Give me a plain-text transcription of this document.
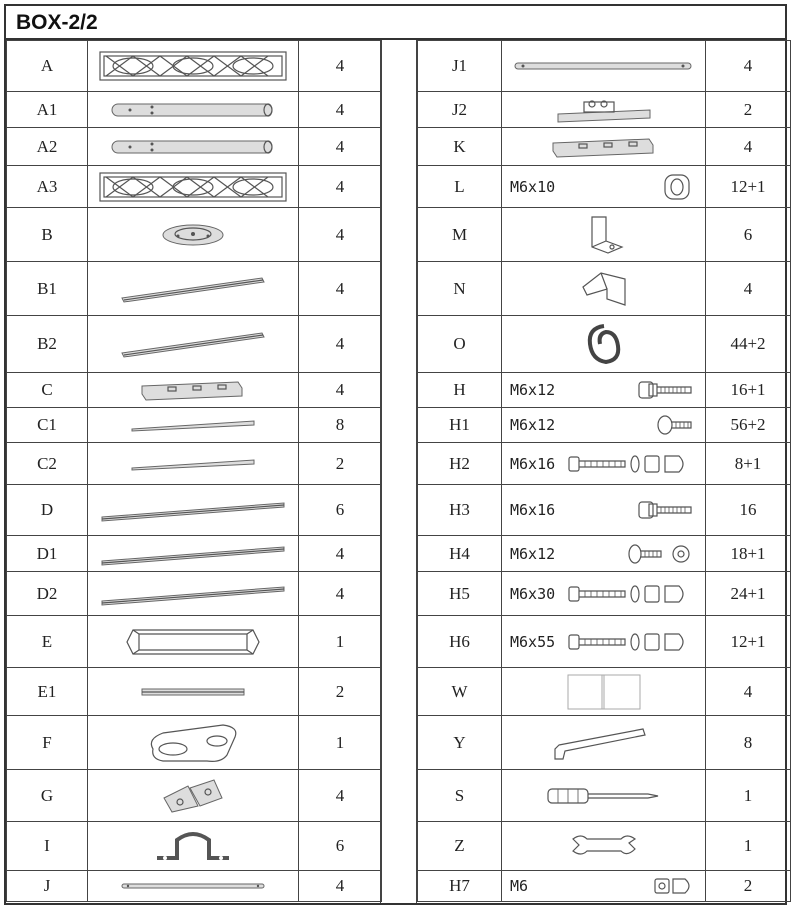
BOX-2/2
A		4
A1		4
A2		4
A3		4
B		4
B1		4
B2		4
C		4
C1		8
C2		2
D		6
D1		4
D2		4
E		1
E1		2
F		1
G		4
I		6
J		4
J1		4
J2		2
K		4
L	M6x10	12+1
M		6
N		4
O		44+2
H	M6x12	16+1
H1	M6x12	56+2
H2	M6x16	8+1
H3	M6x16	16
H4	M6x12	18+1
H5	M6x30	24+1
H6	M6x55	12+1
W		4
Y		8
S		1
Z		1
H7	M6	2
